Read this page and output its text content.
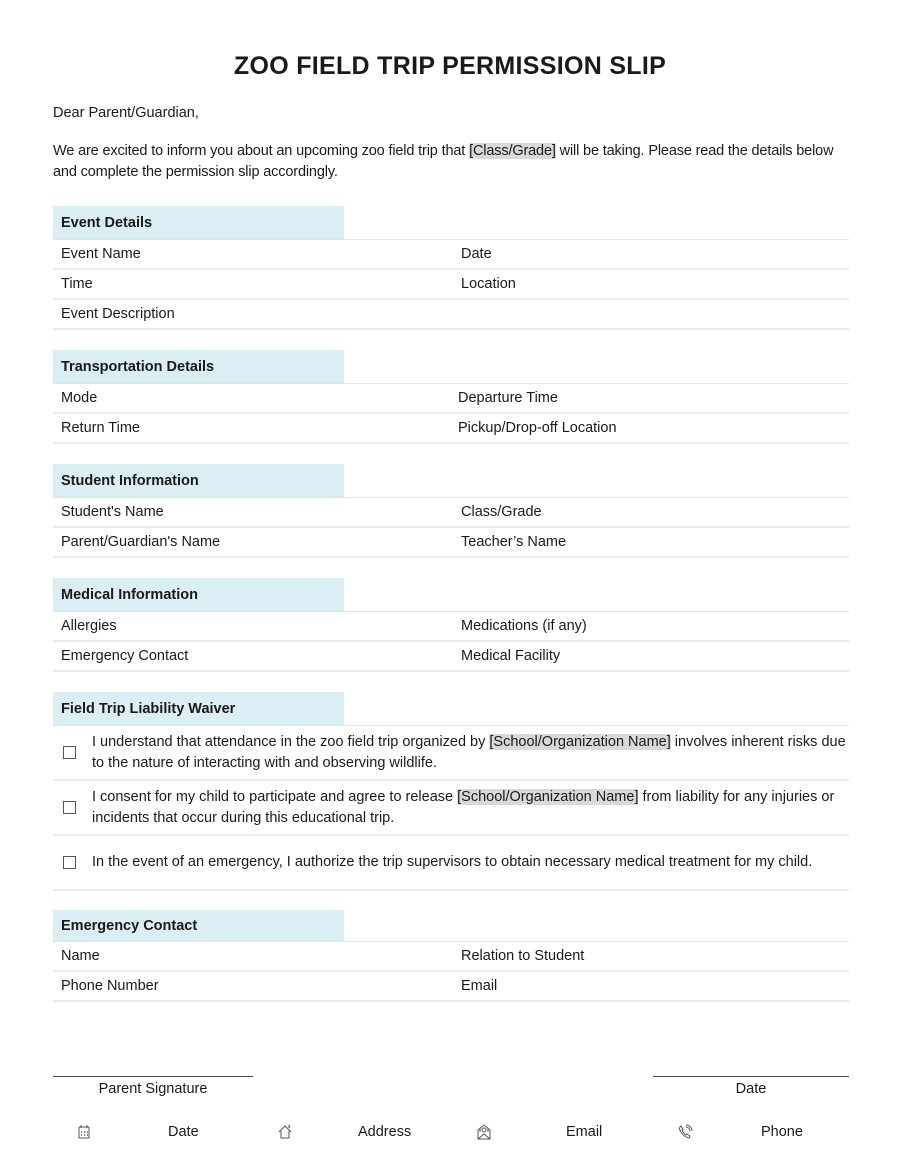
ZOO FIELD TRIP PERMISSION SLIP
Dear Parent/Guardian,
We are excited to inform you about an upcoming zoo field trip that [Class/Grade] will be taking. Please read the details below and complete the permission slip accordingly.
Event Details
Event Name	Date
Time	Location
Event Description
Transportation Details
Mode	Departure Time
Return Time	Pickup/Drop-off Location
Student Information
Student's Name	Class/Grade
Parent/Guardian's Name	Teacher’s Name
Medical Information
Allergies	Medications (if any)
Emergency Contact	Medical Facility
Field Trip Liability Waiver
I understand that attendance in the zoo field trip organized by [School/Organization Name] involves inherent risks due to the nature of interacting with and observing wildlife.
I consent for my child to participate and agree to release [School/Organization Name] from liability for any injuries or incidents that occur during this educational trip.
In the event of an emergency, I authorize the trip supervisors to obtain necessary medical treatment for my child.
Emergency Contact
Name	Relation to Student
Phone Number	Email
Parent Signature	Date
Date	Address	Email	Phone
